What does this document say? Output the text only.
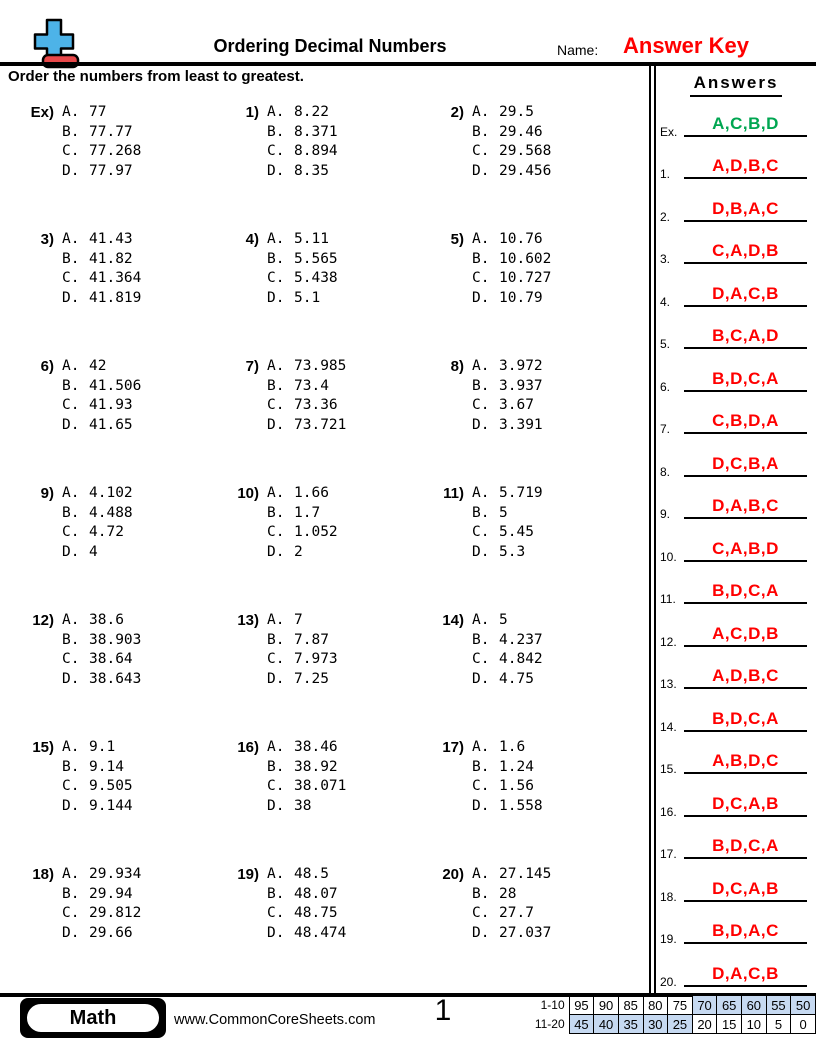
Ordering Decimal Numbers	Name: Answer Key
Order the numbers from least to greatest.
Ex) A. 77
B. 77.77
C. 77.268
D. 77.97
1) A. 8.22
B. 8.371
C. 8.894
D. 8.35
2) A. 29.5
B. 29.46
C. 29.568
D. 29.456
3) A. 41.43
B. 41.82
C. 41.364
D. 41.819
4) A. 5.11
B. 5.565
C. 5.438
D. 5.1
5) A. 10.76
B. 10.602
C. 10.727
D. 10.79
6) A. 42
B. 41.506
C. 41.93
D. 41.65
7) A. 73.985
B. 73.4
C. 73.36
D. 73.721
8) A. 3.972
B. 3.937
C. 3.67
D. 3.391
9) A. 4.102
B. 4.488
C. 4.72
D. 4
10) A. 1.66
B. 1.7
C. 1.052
D. 2
11) A. 5.719
B. 5
C. 5.45
D. 5.3
12) A. 38.6
B. 38.903
C. 38.64
D. 38.643
13) A. 7
B. 7.87
C. 7.973
D. 7.25
14) A. 5
B. 4.237
C. 4.842
D. 4.75
15) A. 9.1
B. 9.14
C. 9.505
D. 9.144
16) A. 38.46
B. 38.92
C. 38.071
D. 38
17) A. 1.6
B. 1.24
C. 1.56
D. 1.558
18) A. 29.934
B. 29.94
C. 29.812
D. 29.66
19) A. 48.5
B. 48.07
C. 48.75
D. 48.474
20) A. 27.145
B. 28
C. 27.7
D. 27.037
Answers
Ex.	A,C,B,D
1.	A,D,B,C
2.	D,B,A,C
3.	C,A,D,B
4.	D,A,C,B
5.	B,C,A,D
6.	B,D,C,A
7.	C,B,D,A
8.	D,C,B,A
9.	D,A,B,C
10.	C,A,B,D
11.	B,D,C,A
12.	A,C,D,B
13.	A,D,B,C
14.	B,D,C,A
15.	A,B,D,C
16.	D,C,A,B
17.	B,D,C,A
18.	D,C,A,B
19.	B,D,A,C
20.	D,A,C,B
Math	www.CommonCoreSheets.com	1	1-10	95	90	85	80	75	70	65	60	55	50
11-20	45	40	35	30	25	20	15	10	5	0
